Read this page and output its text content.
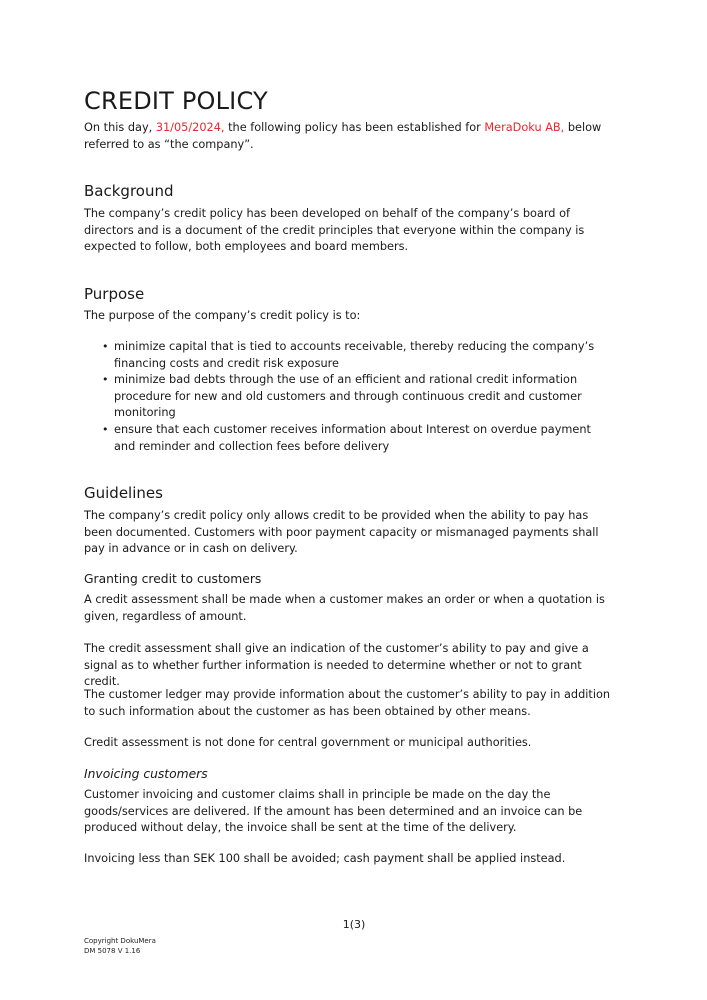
CREDIT POLICY

On this day, 31/05/2024, the following policy has been established for MeraDoku AB, below referred to as “the company”.

Background

The company’s credit policy has been developed on behalf of the company’s board of directors and is a document of the credit principles that everyone within the company is expected to follow, both employees and board members.

Purpose

The purpose of the company’s credit policy is to:

• minimize capital that is tied to accounts receivable, thereby reducing the company’s financing costs and credit risk exposure
• minimize bad debts through the use of an efficient and rational credit information procedure for new and old customers and through continuous credit and customer monitoring
• ensure that each customer receives information about Interest on overdue payment and reminder and collection fees before delivery
Guidelines

The company’s credit policy only allows credit to be provided when the ability to pay has been documented. Customers with poor payment capacity or mismanaged payments shall pay in advance or in cash on delivery.

Granting credit to customers

A credit assessment shall be made when a customer makes an order or when a quotation is given, regardless of amount.

The credit assessment shall give an indication of the customer’s ability to pay and give a signal as to whether further information is needed to determine whether or not to grant credit.

The customer ledger may provide information about the customer’s ability to pay in addition to such information about the customer as has been obtained by other means.

Credit assessment is not done for central government or municipal authorities.

Invoicing customers

Customer invoicing and customer claims shall in principle be made on the day the goods/services are delivered. If the amount has been determined and an invoice can be produced without delay, the invoice shall be sent at the time of the delivery.

Invoicing less than SEK 100 shall be avoided; cash payment shall be applied instead.

1(3)
Copyright DokuMera
DM 5078 V 1.16
